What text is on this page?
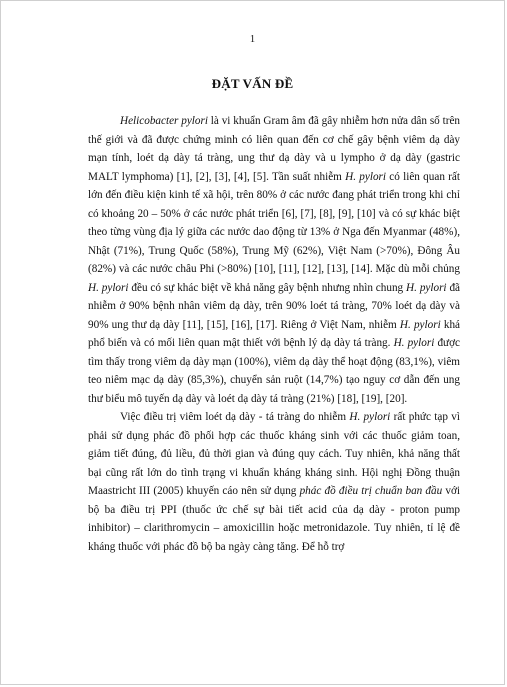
1
ĐẶT VẤN ĐỀ

Helicobacter pylori là vi khuẩn Gram âm đã gây nhiễm hơn nửa dân số trên thế giới và đã được chứng minh có liên quan đến cơ chế gây bệnh viêm dạ dày mạn tính, loét dạ dày tá tràng, ung thư dạ dày và u lympho ở dạ dày (gastric MALT lymphoma) [1], [2], [3], [4], [5]. Tần suất nhiễm H. pylori có liên quan rất lớn đến điều kiện kinh tế xã hội, trên 80% ở các nước đang phát triển trong khi chỉ có khoảng 20 – 50% ở các nước phát triển [6], [7], [8], [9], [10] và có sự khác biệt theo từng vùng địa lý giữa các nước dao động từ 13% ở Nga đến Myanmar (48%), Nhật (71%), Trung Quốc (58%), Trung Mỹ (62%), Việt Nam (>70%), Đông Âu (82%) và các nước châu Phi (>80%) [10], [11], [12], [13], [14]. Mặc dù mỗi chủng H. pylori đều có sự khác biệt về khả năng gây bệnh nhưng nhìn chung H. pylori đã nhiễm ở 90% bệnh nhân viêm dạ dày, trên 90% loét tá tràng, 70% loét dạ dày và 90% ung thư dạ dày [11], [15], [16], [17]. Riêng ở Việt Nam, nhiễm H. pylori khá phổ biến và có mối liên quan mật thiết với bệnh lý dạ dày tá tràng. H. pylori được tìm thấy trong viêm dạ dày mạn (100%), viêm dạ dày thể hoạt động (83,1%), viêm teo niêm mạc dạ dày (85,3%), chuyển sản ruột (14,7%) tạo nguy cơ dẫn đến ung thư biểu mô tuyến dạ dày và loét dạ dày tá tràng (21%) [18], [19], [20].

Việc điều trị viêm loét dạ dày - tá tràng do nhiễm H. pylori rất phức tạp vì phải sử dụng phác đồ phối hợp các thuốc kháng sinh với các thuốc giảm toan, giảm tiết đúng, đủ liều, đủ thời gian và đúng quy cách. Tuy nhiên, khả năng thất bại cũng rất lớn do tình trạng vi khuẩn kháng kháng sinh. Hội nghị Đồng thuận Maastricht III (2005) khuyến cáo nên sử dụng phác đồ điều trị chuẩn ban đầu với bộ ba điều trị PPI (thuốc ức chế sự bài tiết acid của dạ dày - proton pump inhibitor) – clarithromycin – amoxicillin hoặc metronidazole. Tuy nhiên, tỉ lệ đề kháng thuốc với phác đồ bộ ba ngày càng tăng. Để hỗ trợ
